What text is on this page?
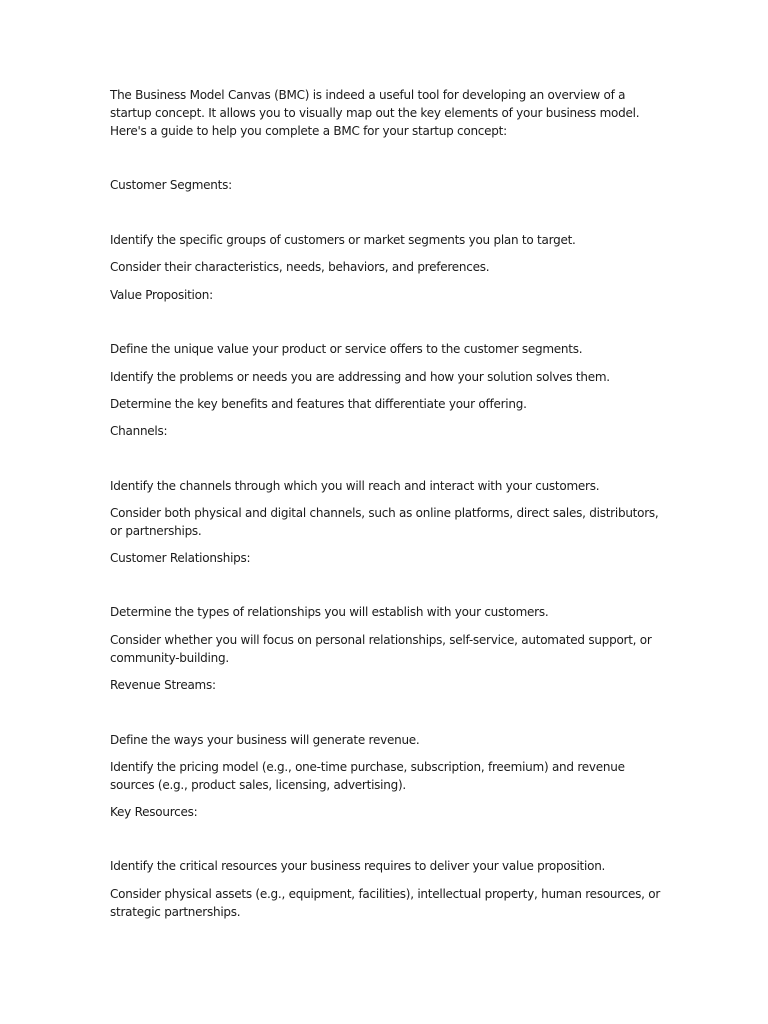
The Business Model Canvas (BMC) is indeed a useful tool for developing an overview of a
startup concept. It allows you to visually map out the key elements of your business model.
Here's a guide to help you complete a BMC for your startup concept:
Customer Segments:
Identify the specific groups of customers or market segments you plan to target.
Consider their characteristics, needs, behaviors, and preferences.
Value Proposition:
Define the unique value your product or service offers to the customer segments.
Identify the problems or needs you are addressing and how your solution solves them.
Determine the key benefits and features that differentiate your offering.
Channels:
Identify the channels through which you will reach and interact with your customers.
Consider both physical and digital channels, such as online platforms, direct sales, distributors,
or partnerships.
Customer Relationships:
Determine the types of relationships you will establish with your customers.
Consider whether you will focus on personal relationships, self-service, automated support, or
community-building.
Revenue Streams:
Define the ways your business will generate revenue.
Identify the pricing model (e.g., one-time purchase, subscription, freemium) and revenue
sources (e.g., product sales, licensing, advertising).
Key Resources:
Identify the critical resources your business requires to deliver your value proposition.
Consider physical assets (e.g., equipment, facilities), intellectual property, human resources, or
strategic partnerships.
